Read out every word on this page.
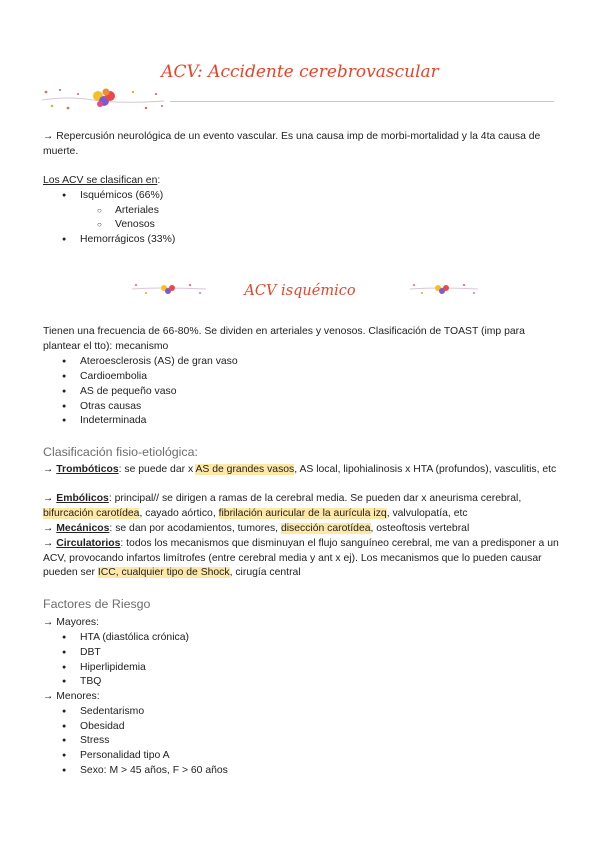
ACV: Accidente cerebrovascular

→ Repercusión neurológica de un evento vascular. Es una causa imp de morbi-mortalidad y la 4ta causa de muerte.

Los ACV se clasifican en:

● Isquémicos (66%)
○ Arteriales
○ Venosos
● Hemorrágicos (33%)
ACV isquémico

Tienen una frecuencia de 66-80%. Se dividen en arteriales y venosos. Clasificación de TOAST (imp para plantear el tto): mecanismo

● Ateroesclerosis (AS) de gran vaso
● Cardioembolia
● AS de pequeño vaso
● Otras causas
● Indeterminada
Clasificación fisio-etiológica:

→ Trombóticos: se puede dar x AS de grandes vasos, AS local, lipohialinosis x HTA (profundos), vasculitis, etc

→ Embólicos: principal// se dirigen a ramas de la cerebral media. Se pueden dar x aneurisma cerebral, bifurcación carotídea, cayado aórtico, fibrilación auricular de la aurícula izq, valvulopatía, etc

→ Mecánicos: se dan por acodamientos, tumores, disección carotídea, osteoftosis vertebral

→ Circulatorios: todos los mecanismos que disminuyan el flujo sanguíneo cerebral, me van a predisponer a un ACV, provocando infartos limítrofes (entre cerebral media y ant x ej). Los mecanismos que lo pueden causar pueden ser ICC, cualquier tipo de Shock, cirugía central

Factores de Riesgo

→ Mayores:

● HTA (diastólica crónica)
● DBT
● Hiperlipidemia
● TBQ

→ Menores:

● Sedentarismo
● Obesidad
● Stress
● Personalidad tipo A
● Sexo: M > 45 años, F > 60 años
